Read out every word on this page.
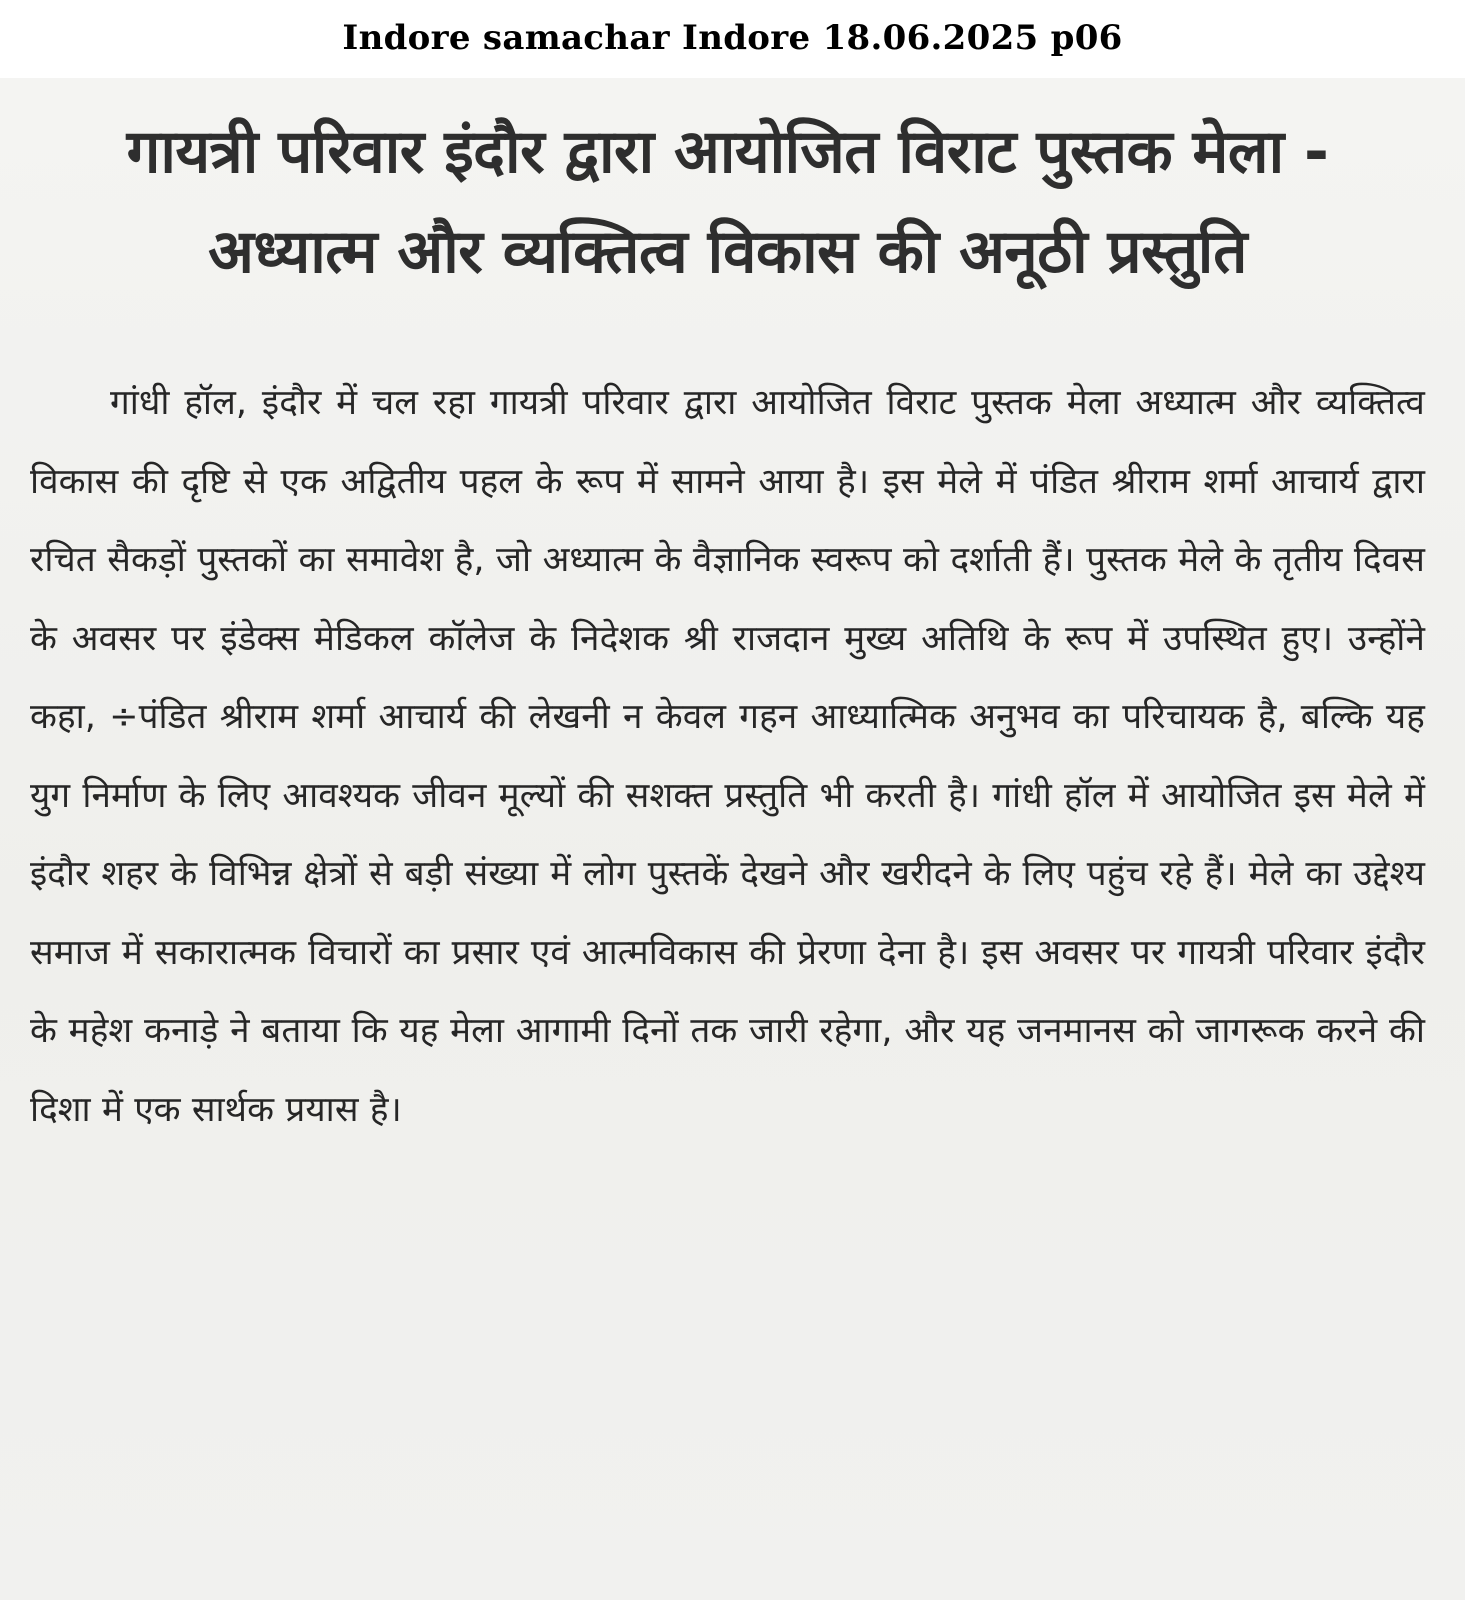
Indore samachar Indore 18.06.2025 p06
गायत्री परिवार इंदौर द्वारा आयोजित विराट पुस्तक मेला -
अध्यात्म और व्यक्तित्व विकास की अनूठी प्रस्तुति

गांधी हॉल, इंदौर में चल रहा गायत्री परिवार द्वारा आयोजित विराट पुस्तक मेला अध्यात्म और व्यक्तित्व विकास की दृष्टि से एक अद्वितीय पहल के रूप में सामने आया है। इस मेले में पंडित श्रीराम शर्मा आचार्य द्वारा रचित सैकड़ों पुस्तकों का समावेश है, जो अध्यात्म के वैज्ञानिक स्वरूप को दर्शाती हैं। पुस्तक मेले के तृतीय दिवस के अवसर पर इंडेक्स मेडिकल कॉलेज के निदेशक श्री राजदान मुख्य अतिथि के रूप में उपस्थित हुए। उन्होंने कहा, ÷पंडित श्रीराम शर्मा आचार्य की लेखनी न केवल गहन आध्यात्मिक अनुभव का परिचायक है, बल्कि यह युग निर्माण के लिए आवश्यक जीवन मूल्यों की सशक्त प्रस्तुति भी करती है। गांधी हॉल में आयोजित इस मेले में इंदौर शहर के विभिन्न क्षेत्रों से बड़ी संख्या में लोग पुस्तकें देखने और खरीदने के लिए पहुंच रहे हैं। मेले का उद्देश्य समाज में सकारात्मक विचारों का प्रसार एवं आत्मविकास की प्रेरणा देना है। इस अवसर पर गायत्री परिवार इंदौर के महेश कनाड़े ने बताया कि यह मेला आगामी दिनों तक जारी रहेगा, और यह जनमानस को जागरूक करने की दिशा में एक सार्थक प्रयास है।
